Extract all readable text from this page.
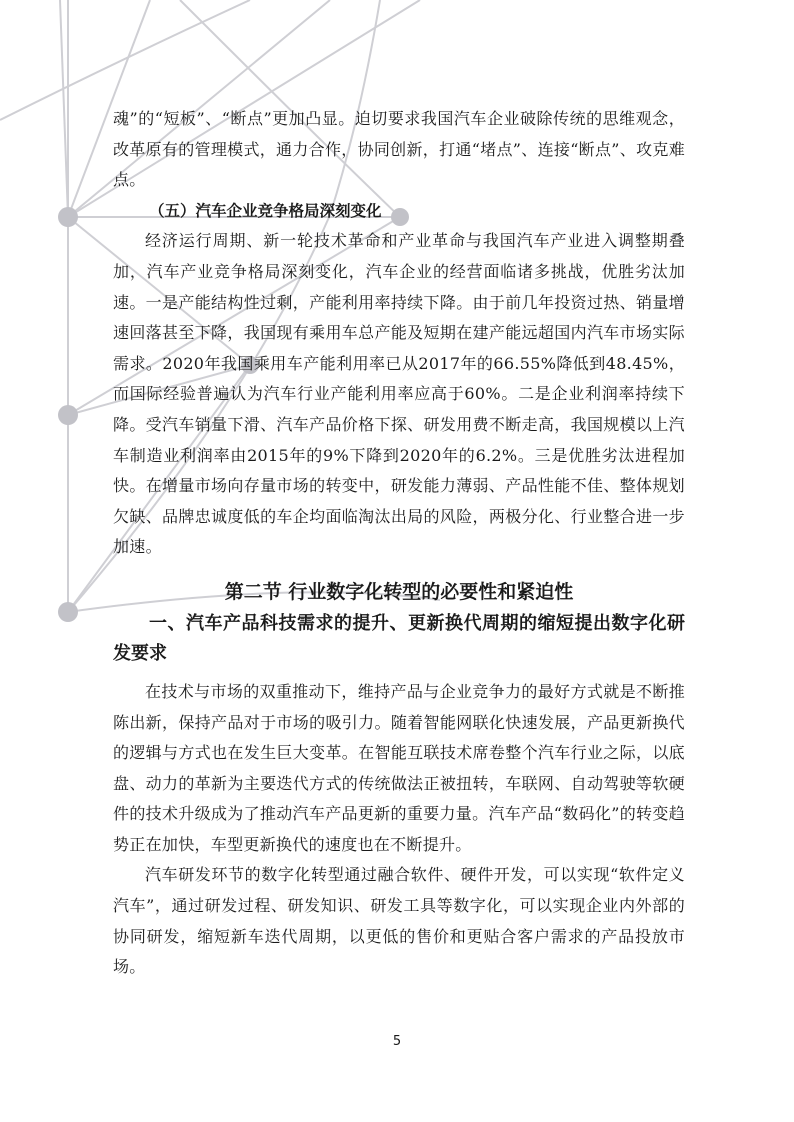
魂”的“短板”、“断点”更加凸显。迫切要求我国汽车企业破除传统的思维观念，改革原有的管理模式，通力合作，协同创新，打通“堵点”、连接“断点”、攻克难点。

（五）汽车企业竞争格局深刻变化

经济运行周期、新一轮技术革命和产业革命与我国汽车产业进入调整期叠加，汽车产业竞争格局深刻变化，汽车企业的经营面临诸多挑战，优胜劣汰加速。一是产能结构性过剩，产能利用率持续下降。由于前几年投资过热、销量增速回落甚至下降，我国现有乘用车总产能及短期在建产能远超国内汽车市场实际需求。2020年我国乘用车产能利用率已从2017年的66.55%降低到48.45%，而国际经验普遍认为汽车行业产能利用率应高于60%。二是企业利润率持续下降。受汽车销量下滑、汽车产品价格下探、研发用费不断走高，我国规模以上汽车制造业利润率由2015年的9%下降到2020年的6.2%。三是优胜劣汰进程加快。在增量市场向存量市场的转变中，研发能力薄弱、产品性能不佳、整体规划欠缺、品牌忠诚度低的车企均面临淘汰出局的风险，两极分化、行业整合进一步加速。

第二节 行业数字化转型的必要性和紧迫性
一、汽车产品科技需求的提升、更新换代周期的缩短提出数字化研发要求

在技术与市场的双重推动下，维持产品与企业竞争力的最好方式就是不断推陈出新，保持产品对于市场的吸引力。随着智能网联化快速发展，产品更新换代的逻辑与方式也在发生巨大变革。在智能互联技术席卷整个汽车行业之际，以底盘、动力的革新为主要迭代方式的传统做法正被扭转，车联网、自动驾驶等软硬件的技术升级成为了推动汽车产品更新的重要力量。汽车产品“数码化”的转变趋势正在加快，车型更新换代的速度也在不断提升。

汽车研发环节的数字化转型通过融合软件、硬件开发，可以实现“软件定义汽车”，通过研发过程、研发知识、研发工具等数字化，可以实现企业内外部的协同研发，缩短新车迭代周期，以更低的售价和更贴合客户需求的产品投放市场。

5
